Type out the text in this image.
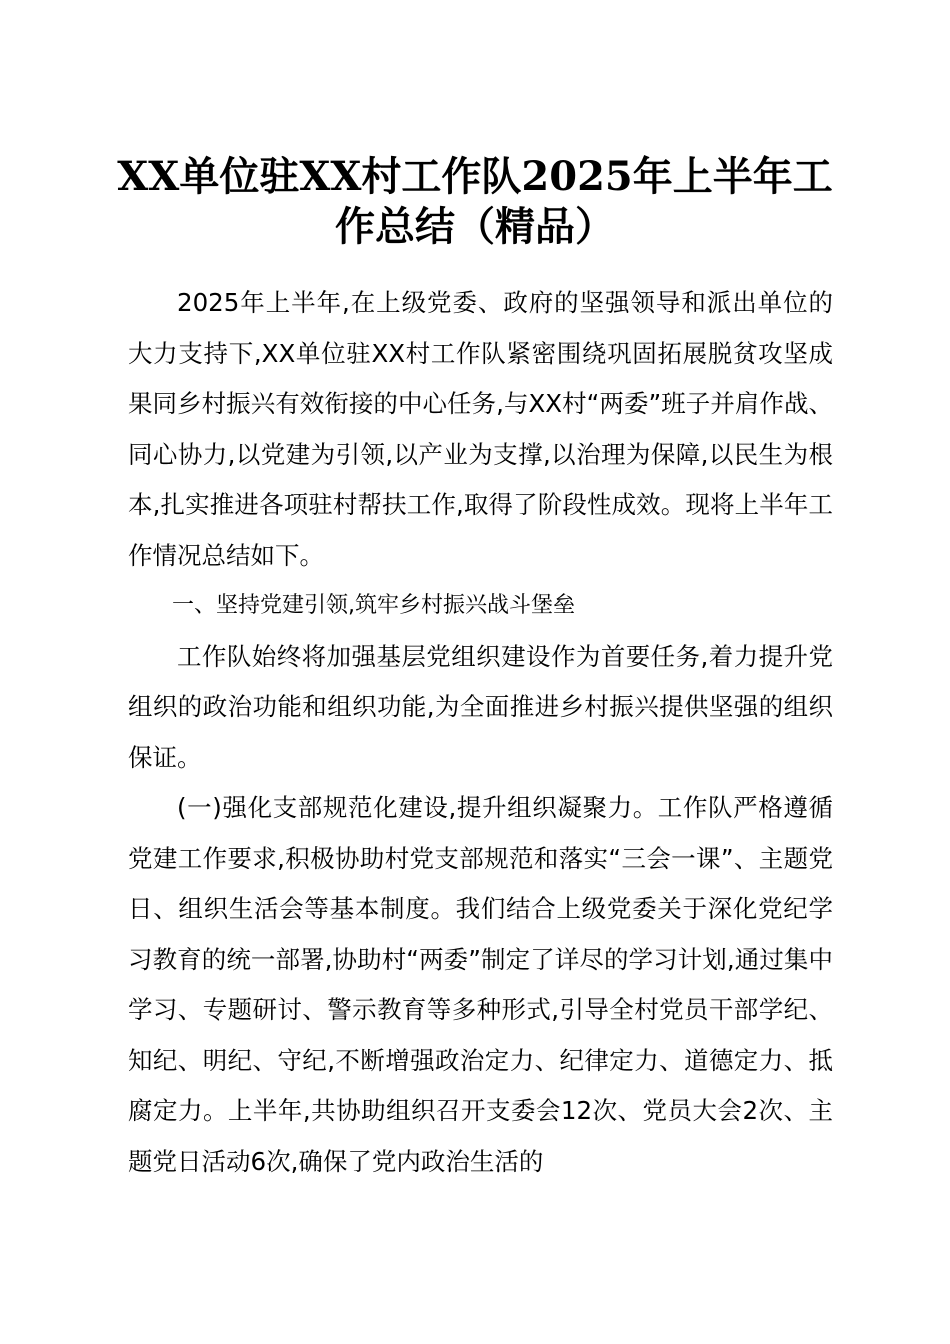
XX单位驻XX村工作队2025年上半年工作总结（精品）

2025年上半年,在上级党委、政府的坚强领导和派出单位的大力支持下,XX单位驻XX村工作队紧密围绕巩固拓展脱贫攻坚成果同乡村振兴有效衔接的中心任务,与XX村“两委”班子并肩作战、同心协力,以党建为引领,以产业为支撑,以治理为保障,以民生为根本,扎实推进各项驻村帮扶工作,取得了阶段性成效。现将上半年工作情况总结如下。

一、坚持党建引领,筑牢乡村振兴战斗堡垒

工作队始终将加强基层党组织建设作为首要任务,着力提升党组织的政治功能和组织功能,为全面推进乡村振兴提供坚强的组织保证。

(一)强化支部规范化建设,提升组织凝聚力。工作队严格遵循党建工作要求,积极协助村党支部规范和落实“三会一课”、主题党日、组织生活会等基本制度。我们结合上级党委关于深化党纪学习教育的统一部署,协助村“两委”制定了详尽的学习计划,通过集中学习、专题研讨、警示教育等多种形式,引导全村党员干部学纪、知纪、明纪、守纪,不断增强政治定力、纪律定力、道德定力、抵腐定力。上半年,共协助组织召开支委会12次、党员大会2次、主题党日活动6次,确保了党内政治生活的
